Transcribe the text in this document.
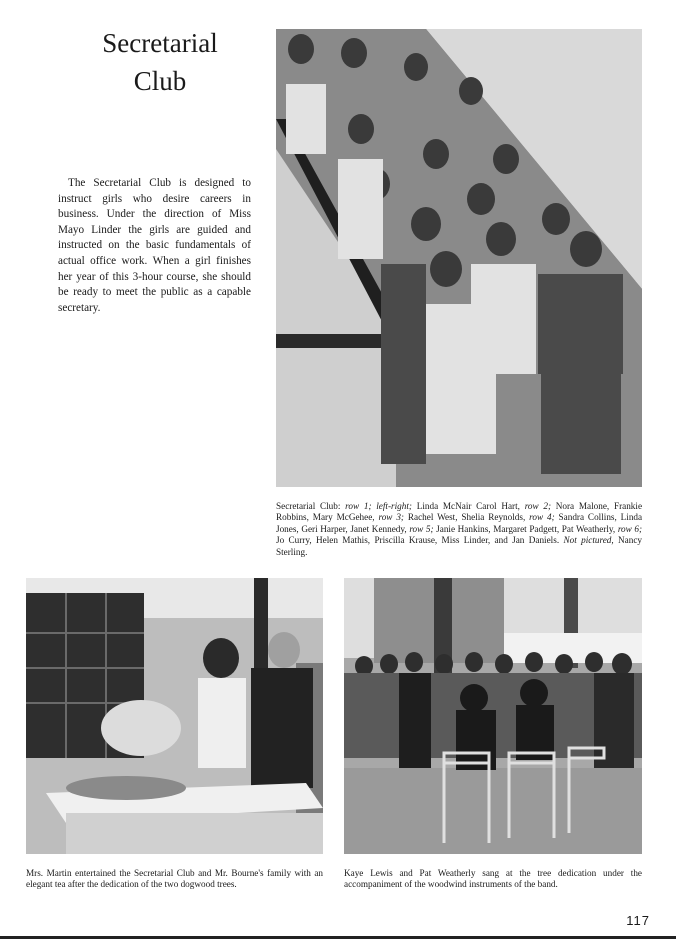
Secretarial
Club

The Secretarial Club is designed to instruct girls who desire careers in business. Under the direction of Miss Mayo Linder the girls are guided and instructed on the basic fundamentals of actual office work. When a girl finishes her year of this 3-hour course, she should be ready to meet the public as a capable secretary.

Secretarial Club: row 1; left-right; Linda McNair Carol Hart, row 2; Nora Malone, Frankie Robbins, Mary McGehee, row 3; Rachel West, Shelia Reynolds, row 4; Sandra Collins, Linda Jones, Geri Harper, Janet Kennedy, row 5; Janie Hankins, Margaret Padgett, Pat Weatherly, row 6; Jo Curry, Helen Mathis, Priscilla Krause, Miss Linder, and Jan Daniels. Not pictured, Nancy Sterling.

Mrs. Martin entertained the Secretarial Club and Mr. Bourne's family with an elegant tea after the dedication of the two dogwood trees.

Kaye Lewis and Pat Weatherly sang at the tree dedication under the accompaniment of the woodwind instruments of the band.

117
